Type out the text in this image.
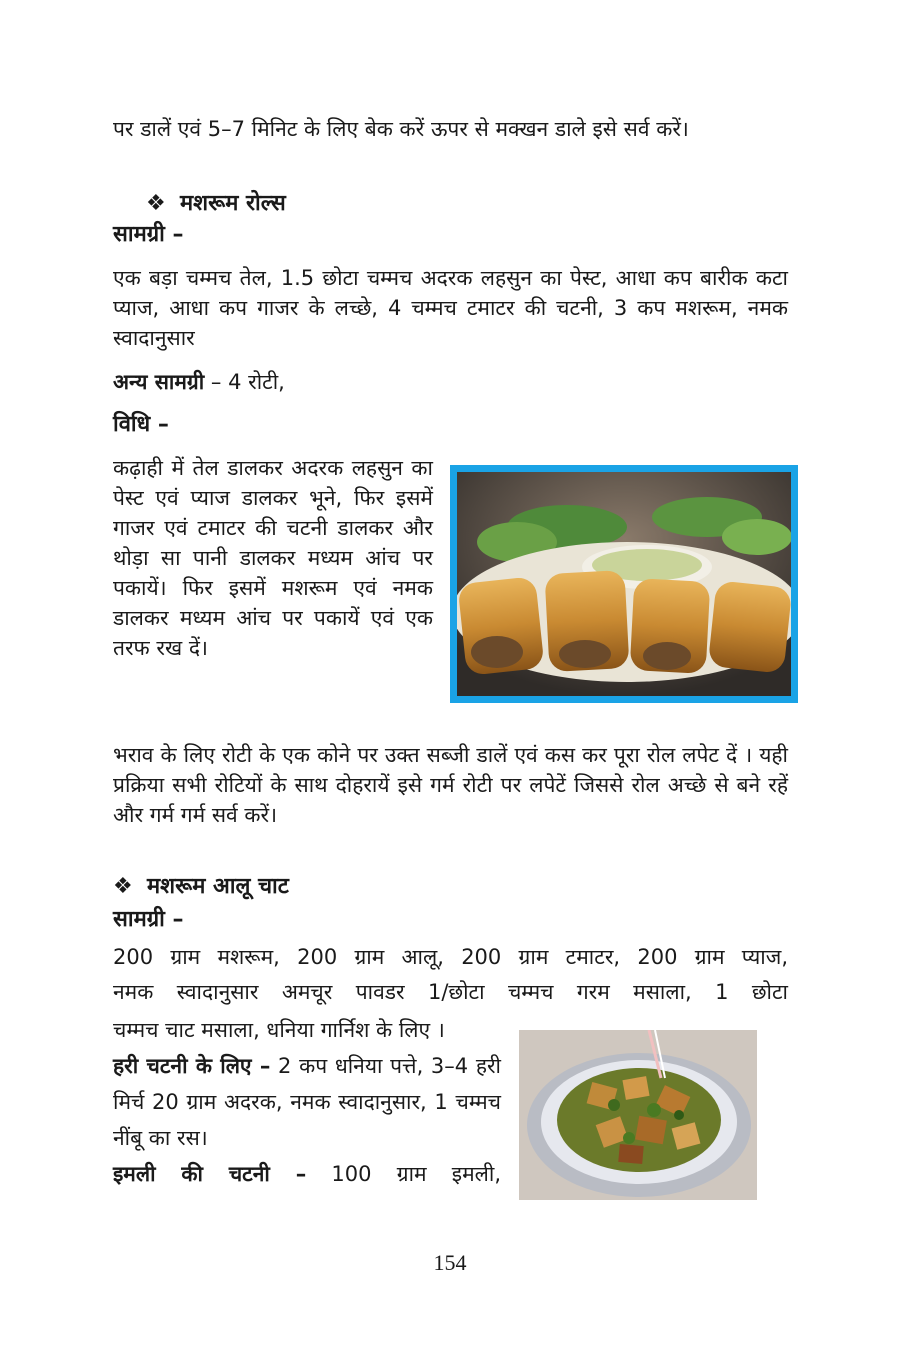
पर डालें एवं 5–7 मिनिट के लिए बेक करें ऊपर से मक्खन डाले इसे सर्व करें।

❖ मशरूम रोल्स
सामग्री –

एक बड़ा चम्मच तेल, 1.5 छोटा चम्मच अदरक लहसुन का पेस्ट, आधा कप बारीक कटा प्याज, आधा कप गाजर के लच्छे, 4 चम्मच टमाटर की चटनी, 3 कप मशरूम, नमक स्वादानुसार

अन्य सामग्री – 4 रोटी,

विधि –

कढ़ाही में तेल डालकर अदरक लहसुन का पेस्ट एवं प्याज डालकर भूने, फिर इसमें गाजर एवं टमाटर की चटनी डालकर और थोड़ा सा पानी डालकर मध्यम आंच पर पकायें। फिर इसमें मशरूम एवं नमक डालकर मध्यम आंच पर पकायें एवं एक तरफ रख दें।

भराव के लिए रोटी के एक कोने पर उक्त सब्जी डालें एवं कस कर पूरा रोल लपेट दें । यही प्रक्रिया सभी रोटियों के साथ दोहरायें इसे गर्म रोटी पर लपेटें जिससे रोल अच्छे से बने रहें और गर्म गर्म सर्व करें।

❖ मशरूम आलू चाट
सामग्री –

200 ग्राम मशरूम, 200 ग्राम आलू, 200 ग्राम टमाटर, 200 ग्राम प्याज,

नमक स्वादानुसार अमचूर पावडर 1/छोटा चम्मच गरम मसाला, 1 छोटा

चम्मच चाट मसाला, धनिया गार्निश के लिए ।

हरी चटनी के लिए – 2 कप धनिया पत्ते, 3–4 हरी मिर्च 20 ग्राम अदरक, नमक स्वादानुसार, 1 चम्मच नींबू का रस।

इमली की चटनी – 100 ग्राम इमली,

154
